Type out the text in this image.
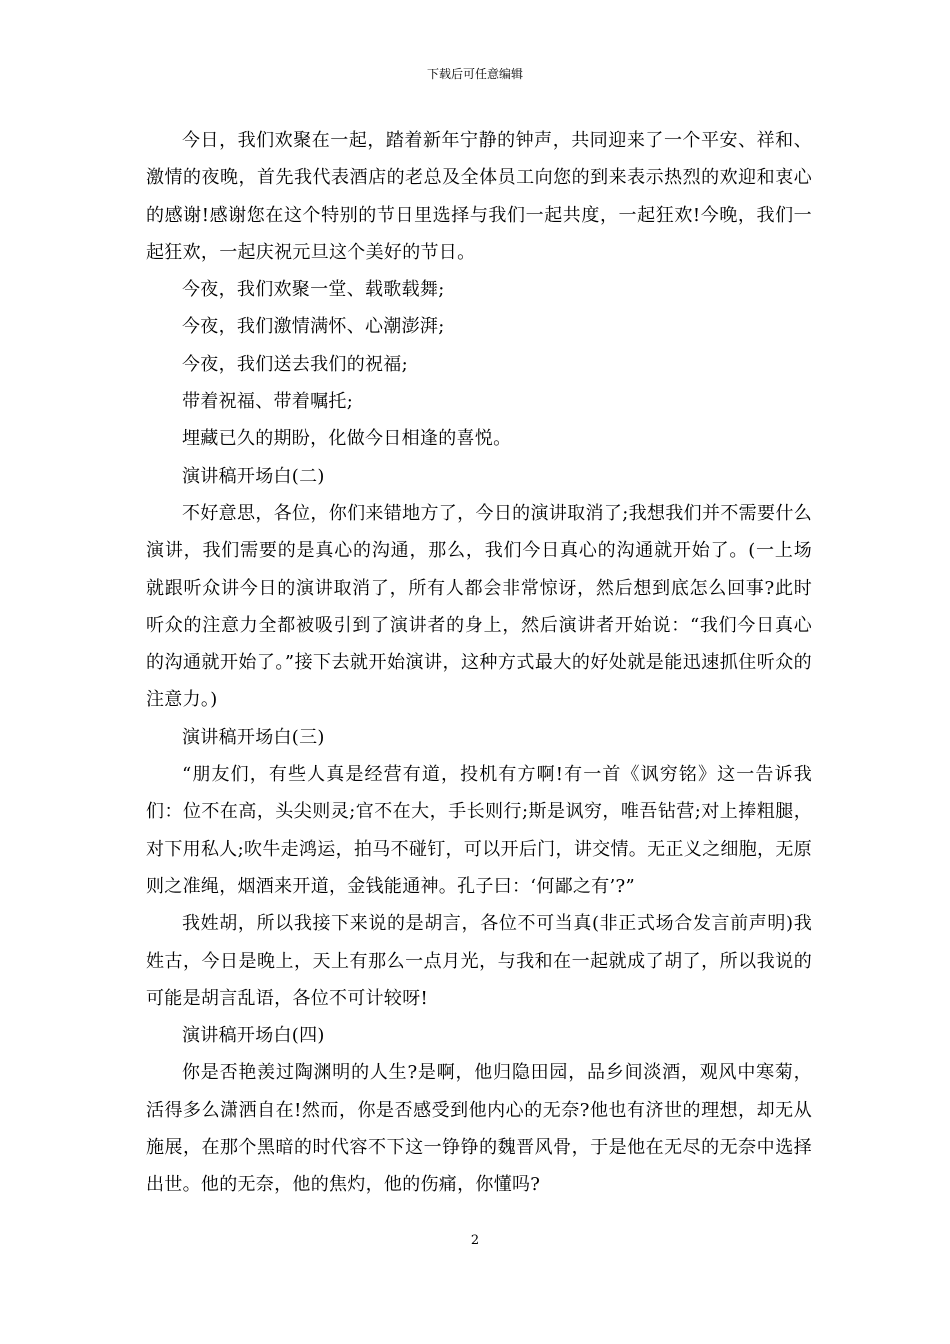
下载后可任意编辑

今日，我们欢聚在一起，踏着新年宁静的钟声，共同迎来了一个平安、祥和、激情的夜晚，首先我代表酒店的老总及全体员工向您的到来表示热烈的欢迎和衷心的感谢!感谢您在这个特别的节日里选择与我们一起共度，一起狂欢!今晚，我们一起狂欢，一起庆祝元旦这个美好的节日。

今夜，我们欢聚一堂、载歌载舞;

今夜，我们激情满怀、心潮澎湃;

今夜，我们送去我们的祝福;

带着祝福、带着嘱托;

埋藏已久的期盼，化做今日相逢的喜悦。

演讲稿开场白(二)

不好意思，各位，你们来错地方了，今日的演讲取消了;我想我们并不需要什么演讲，我们需要的是真心的沟通，那么，我们今日真心的沟通就开始了。(一上场就跟听众讲今日的演讲取消了，所有人都会非常惊讶，然后想到底怎么回事?此时听众的注意力全都被吸引到了演讲者的身上，然后演讲者开始说：“我们今日真心的沟通就开始了。”接下去就开始演讲，这种方式最大的好处就是能迅速抓住听众的注意力。)

演讲稿开场白(三)

“朋友们，有些人真是经营有道，投机有方啊!有一首《讽穷铭》这一告诉我们：位不在高，头尖则灵;官不在大，手长则行;斯是讽穷，唯吾钻营;对上捧粗腿，对下用私人;吹牛走鸿运，拍马不碰钉，可以开后门，讲交情。无正义之细胞，无原则之准绳，烟酒来开道，金钱能通神。孔子曰：‘何鄙之有’?”

我姓胡，所以我接下来说的是胡言，各位不可当真(非正式场合发言前声明)我姓古，今日是晚上，天上有那么一点月光，与我和在一起就成了胡了，所以我说的可能是胡言乱语，各位不可计较呀!

演讲稿开场白(四)

你是否艳羡过陶渊明的人生?是啊，他归隐田园，品乡间淡酒，观风中寒菊，活得多么潇洒自在!然而，你是否感受到他内心的无奈?他也有济世的理想，却无从施展，在那个黑暗的时代容不下这一铮铮的魏晋风骨，于是他在无尽的无奈中选择出世。他的无奈，他的焦灼，他的伤痛，你懂吗?

2
